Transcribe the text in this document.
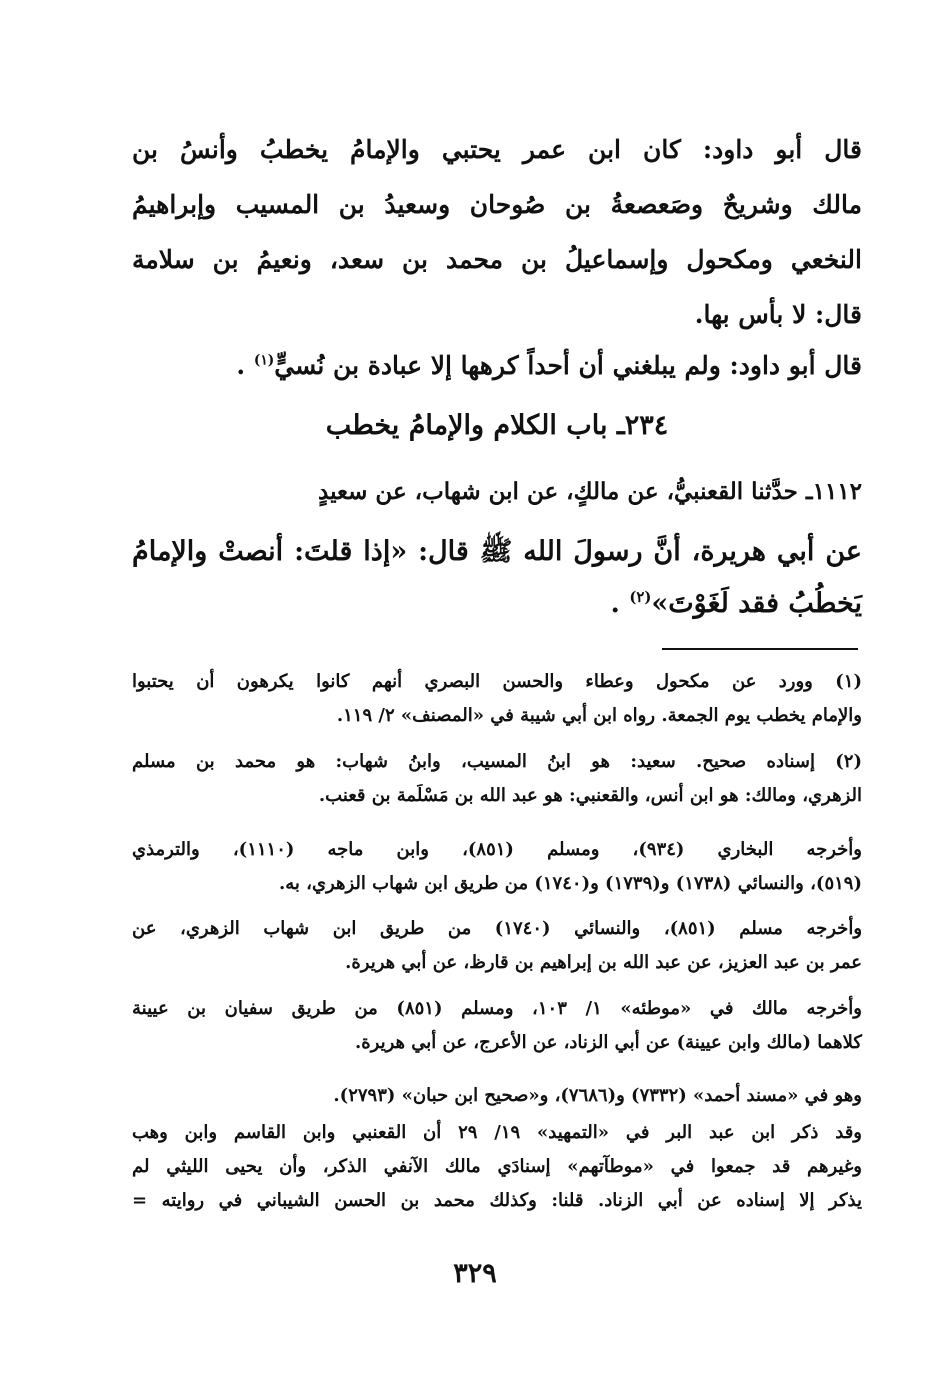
قال أبو داود: كان ابن عمر يحتبي والإمامُ يخطبُ وأنسُ بن
مالك وشريحٌ وصَعصعةُ بن صُوحان وسعيدُ بن المسيب وإبراهيمُ
النخعي ومكحول وإسماعيلُ بن محمد بن سعد، ونعيمُ بن سلامة
قال: لا بأس بها.
قال أبو داود: ولم يبلغني أن أحداً كرهها إلا عبادة بن نُسيٍّ$^{(١)}$ .
٢٣٤ـ باب الكلام والإمامُ يخطب
١١١٢ـ حدَّثنا القعنبيُّ، عن مالكٍ، عن ابن شهاب، عن سعيدٍ
عن أبي هريرة، أنَّ رسولَ الله ﷺ قال: «إذا قلتَ: أنصتْ والإمامُ
يَخطُبُ فقد لَغَوْتَ»$^{(٢)}$ .
(١) وورد عن مكحول وعطاء والحسن البصري أنهم كانوا يكرهون أن يحتبوا
والإمام يخطب يوم الجمعة. رواه ابن أبي شيبة في «المصنف» ٢/ ١١٩.
(٢) إسناده صحيح. سعيد: هو ابنُ المسيب، وابنُ شهاب: هو محمد بن مسلم
الزهري، ومالك: هو ابن أنس، والقعنبي: هو عبد الله بن مَسْلَمة بن قعنب.
وأخرجه البخاري (٩٣٤)، ومسلم (٨٥١)، وابن ماجه (١١١٠)، والترمذي
(٥١٩)، والنسائي (١٧٣٨) و(١٧٣٩) و(١٧٤٠) من طريق ابن شهاب الزهري، به.
وأخرجه مسلم (٨٥١)، والنسائي (١٧٤٠) من طريق ابن شهاب الزهري، عن
عمر بن عبد العزيز، عن عبد الله بن إبراهيم بن قارظ، عن أبي هريرة.
وأخرجه مالك في «موطئه» ١/ ١٠٣، ومسلم (٨٥١) من طريق سفيان بن عيينة
كلاهما (مالك وابن عيينة) عن أبي الزناد، عن الأعرج، عن أبي هريرة.
وهو في «مسند أحمد» (٧٣٣٢) و(٧٦٨٦)، و«صحيح ابن حبان» (٢٧٩٣).
وقد ذكر ابن عبد البر في «التمهيد» ١٩/ ٢٩ أن القعنبي وابن القاسم وابن وهب
وغيرهم قد جمعوا في «موطآتهم» إسنادَي مالك الآنفي الذكر، وأن يحيى الليثي لم
يذكر إلا إسناده عن أبي الزناد. قلنا: وكذلك محمد بن الحسن الشيباني في روايته =
٣٢٩
